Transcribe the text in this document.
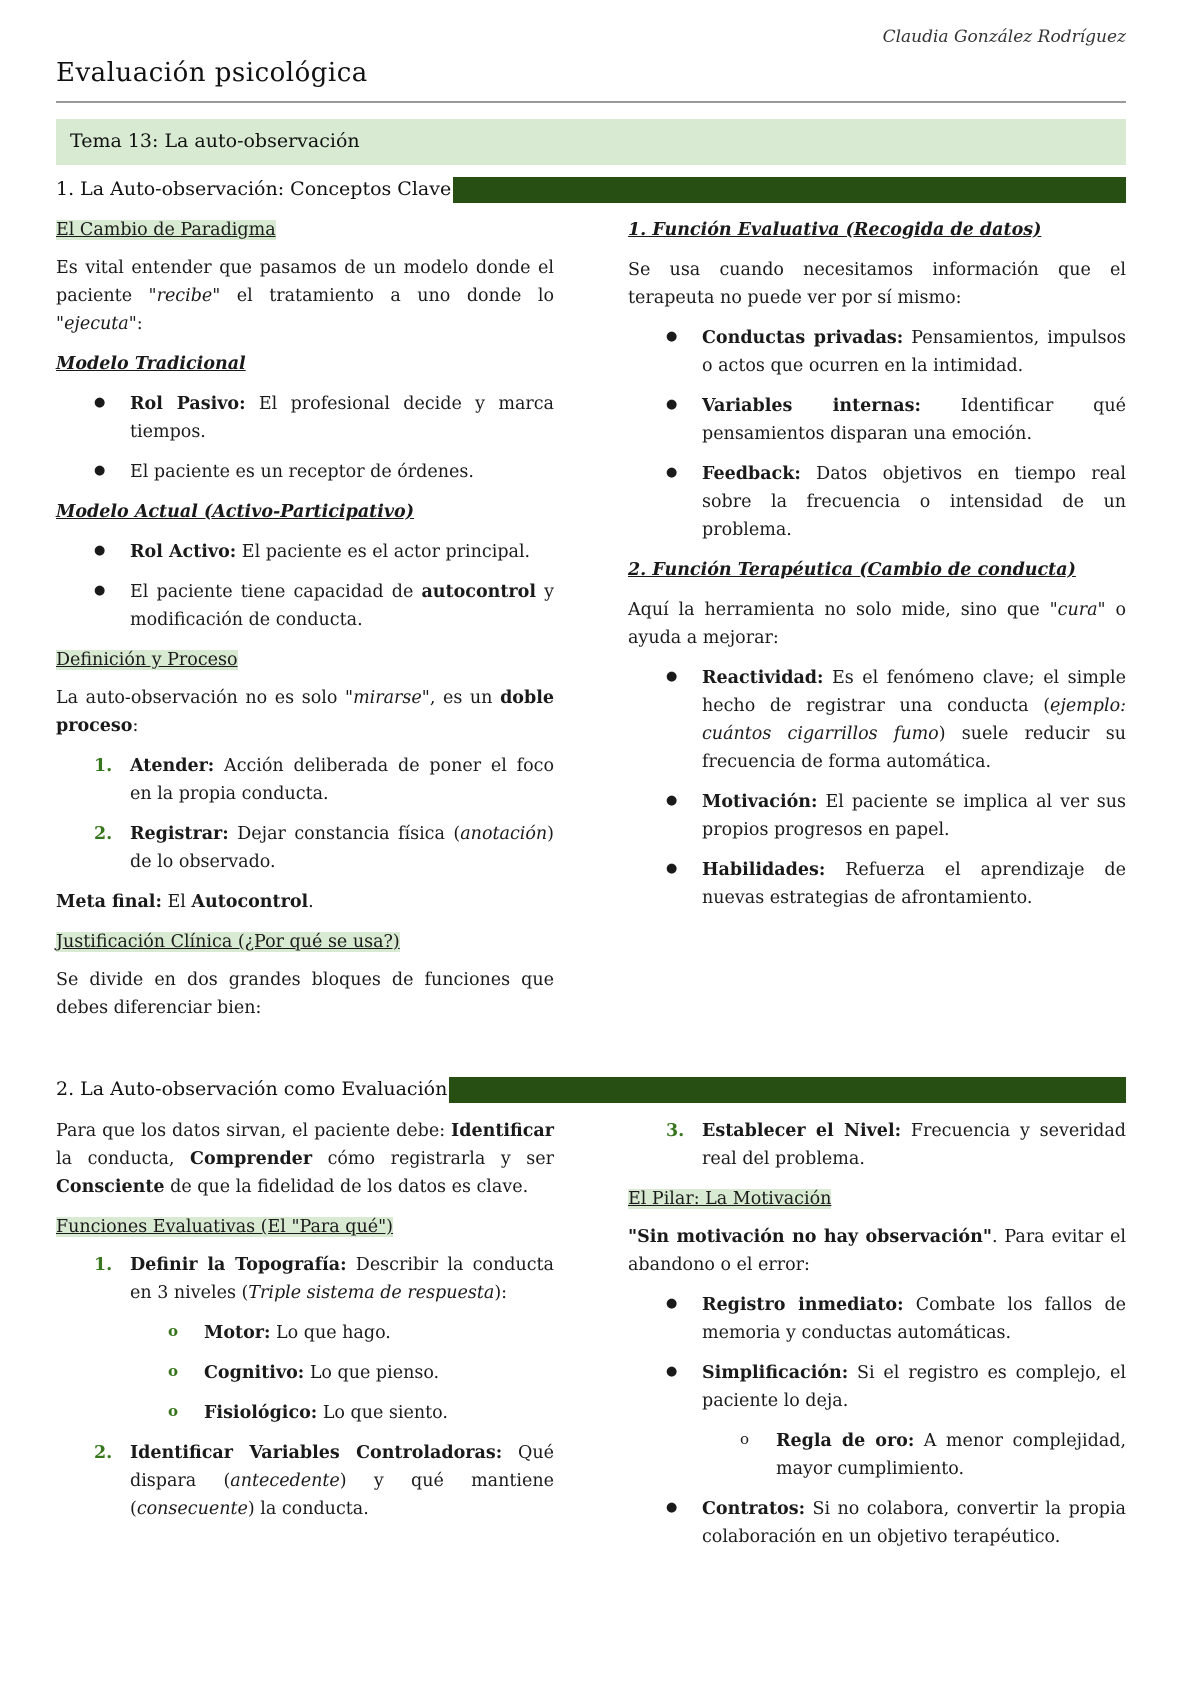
Claudia González Rodríguez
Evaluación psicológica
Tema 13: La auto-observación
1. La Auto-observación: Conceptos Clave

El Cambio de Paradigma

Es vital entender que pasamos de un modelo donde el paciente "recibe" el tratamiento a uno donde lo "ejecuta":

Modelo Tradicional
● Rol Pasivo: El profesional decide y marca tiempos.
● El paciente es un receptor de órdenes.
Modelo Actual (Activo-Participativo)
● Rol Activo: El paciente es el actor principal.
● El paciente tiene capacidad de autocontrol y modificación de conducta.

Definición y Proceso

La auto-observación no es solo "mirarse", es un doble proceso:

1. Atender: Acción deliberada de poner el foco en la propia conducta.
2. Registrar: Dejar constancia física (anotación) de lo observado.

Meta final: El Autocontrol.

Justificación Clínica (¿Por qué se usa?)

Se divide en dos grandes bloques de funciones que debes diferenciar bien:

1. Función Evaluativa (Recogida de datos)

Se usa cuando necesitamos información que el terapeuta no puede ver por sí mismo:

● Conductas privadas: Pensamientos, impulsos o actos que ocurren en la intimidad.
● Variables internas: Identificar qué pensamientos disparan una emoción.
● Feedback: Datos objetivos en tiempo real sobre la frecuencia o intensidad de un problema.
2. Función Terapéutica (Cambio de conducta)

Aquí la herramienta no solo mide, sino que "cura" o ayuda a mejorar:

● Reactividad: Es el fenómeno clave; el simple hecho de registrar una conducta (ejemplo: cuántos cigarrillos fumo) suele reducir su frecuencia de forma automática.
● Motivación: El paciente se implica al ver sus propios progresos en papel.
● Habilidades: Refuerza el aprendizaje de nuevas estrategias de afrontamiento.
2. La Auto-observación como Evaluación

Para que los datos sirvan, el paciente debe: Identificar la conducta, Comprender cómo registrarla y ser Consciente de que la fidelidad de los datos es clave.

Funciones Evaluativas (El "Para qué")

1. Definir la Topografía: Describir la conducta en 3 niveles (Triple sistema de respuesta):
o Motor: Lo que hago.
o Cognitivo: Lo que pienso.
o Fisiológico: Lo que siento.
2. Identificar Variables Controladoras: Qué dispara (antecedente) y qué mantiene (consecuente) la conducta.
3. Establecer el Nivel: Frecuencia y severidad real del problema.

El Pilar: La Motivación

"Sin motivación no hay observación". Para evitar el abandono o el error:

● Registro inmediato: Combate los fallos de memoria y conductas automáticas.
● Simplificación: Si el registro es complejo, el paciente lo deja.
o Regla de oro: A menor complejidad, mayor cumplimiento.
● Contratos: Si no colabora, convertir la propia colaboración en un objetivo terapéutico.
